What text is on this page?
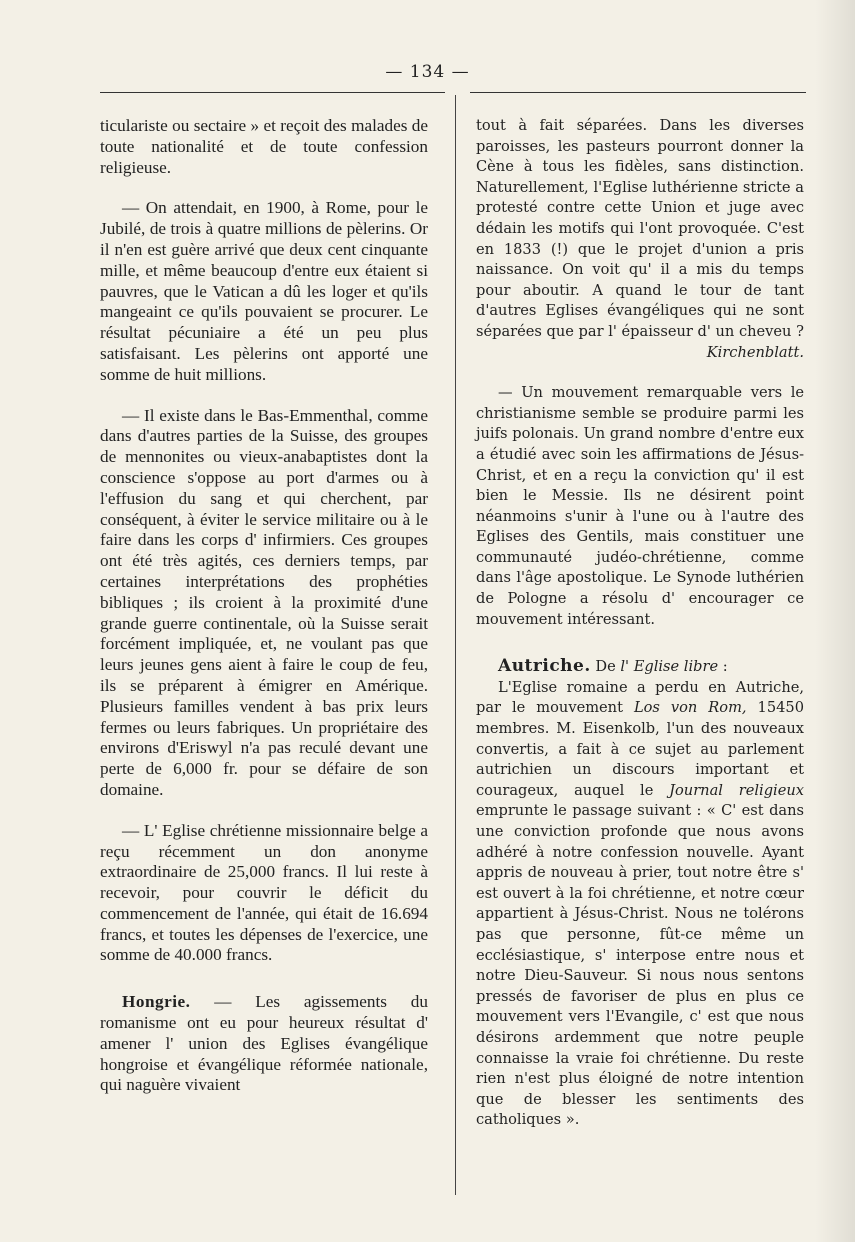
— 134 —

ticulariste ou sectaire » et reçoit des malades de toute nationalité et de toute confession religieuse.

— On attendait, en 1900, à Rome, pour le Jubilé, de trois à quatre millions de pèlerins. Or il n'en est guère arrivé que deux cent cinquante mille, et même beaucoup d'entre eux étaient si pauvres, que le Vatican a dû les loger et qu'ils mangeaint ce qu'ils pouvaient se procurer. Le résultat pécuniaire a été un peu plus satisfaisant. Les pèlerins ont apporté une somme de huit millions.

— Il existe dans le Bas-Emmenthal, comme dans d'autres parties de la Suisse, des groupes de mennonites ou vieux-anabaptistes dont la conscience s'oppose au port d'armes ou à l'effusion du sang et qui cherchent, par conséquent, à éviter le service militaire ou à le faire dans les corps d' infirmiers. Ces groupes ont été très agités, ces derniers temps, par certaines interprétations des prophéties bibliques ; ils croient à la proximité d'une grande guerre continentale, où la Suisse serait forcément impliquée, et, ne voulant pas que leurs jeunes gens aient à faire le coup de feu, ils se préparent à émigrer en Amérique. Plusieurs familles vendent à bas prix leurs fermes ou leurs fabriques. Un propriétaire des environs d'Eriswyl n'a pas reculé devant une perte de 6,000 fr. pour se défaire de son domaine.

— L' Eglise chrétienne missionnaire belge a reçu récemment un don anonyme extraordinaire de 25,000 francs. Il lui reste à recevoir, pour couvrir le déficit du commencement de l'année, qui était de 16.694 francs, et toutes les dépenses de l'exercice, une somme de 40.000 francs.

Hongrie. — Les agissements du romanisme ont eu pour heureux résultat d' amener l' union des Eglises évangélique hongroise et évangélique réformée nationale, qui naguère vivaient

tout à fait séparées. Dans les diverses paroisses, les pasteurs pourront donner la Cène à tous les fidèles, sans distinction. Naturellement, l'Eglise luthérienne stricte a protesté contre cette Union et juge avec dédain les motifs qui l'ont provoquée. C'est en 1833 (!) que le projet d'union a pris naissance. On voit qu' il a mis du temps pour aboutir. A quand le tour de tant d'autres Eglises évangéliques qui ne sont séparées que par l' épaisseur d' un cheveu ?

Kirchenblatt.

— Un mouvement remarquable vers le christianisme semble se produire parmi les juifs polonais. Un grand nombre d'entre eux a étudié avec soin les affirmations de Jésus-Christ, et en a reçu la conviction qu' il est bien le Messie. Ils ne désirent point néanmoins s'unir à l'une ou à l'autre des Eglises des Gentils, mais constituer une communauté judéo-chrétienne, comme dans l'âge apostolique. Le Synode luthérien de Pologne a résolu d' encourager ce mouvement intéressant.

Autriche. De l' Eglise libre :

L'Eglise romaine a perdu en Autriche, par le mouvement Los von Rom, 15450 membres. M. Eisenkolb, l'un des nouveaux convertis, a fait à ce sujet au parlement autrichien un discours important et courageux, auquel le Journal religieux emprunte le passage suivant : « C' est dans une conviction profonde que nous avons adhéré à notre confession nouvelle. Ayant appris de nouveau à prier, tout notre être s' est ouvert à la foi chrétienne, et notre cœur appartient à Jésus-Christ. Nous ne tolérons pas que personne, fût-ce même un ecclésiastique, s' interpose entre nous et notre Dieu-Sauveur. Si nous nous sentons pressés de favoriser de plus en plus ce mouvement vers l'Evangile, c' est que nous désirons ardemment que notre peuple connaisse la vraie foi chrétienne. Du reste rien n'est plus éloigné de notre intention que de blesser les sentiments des catholiques ».
